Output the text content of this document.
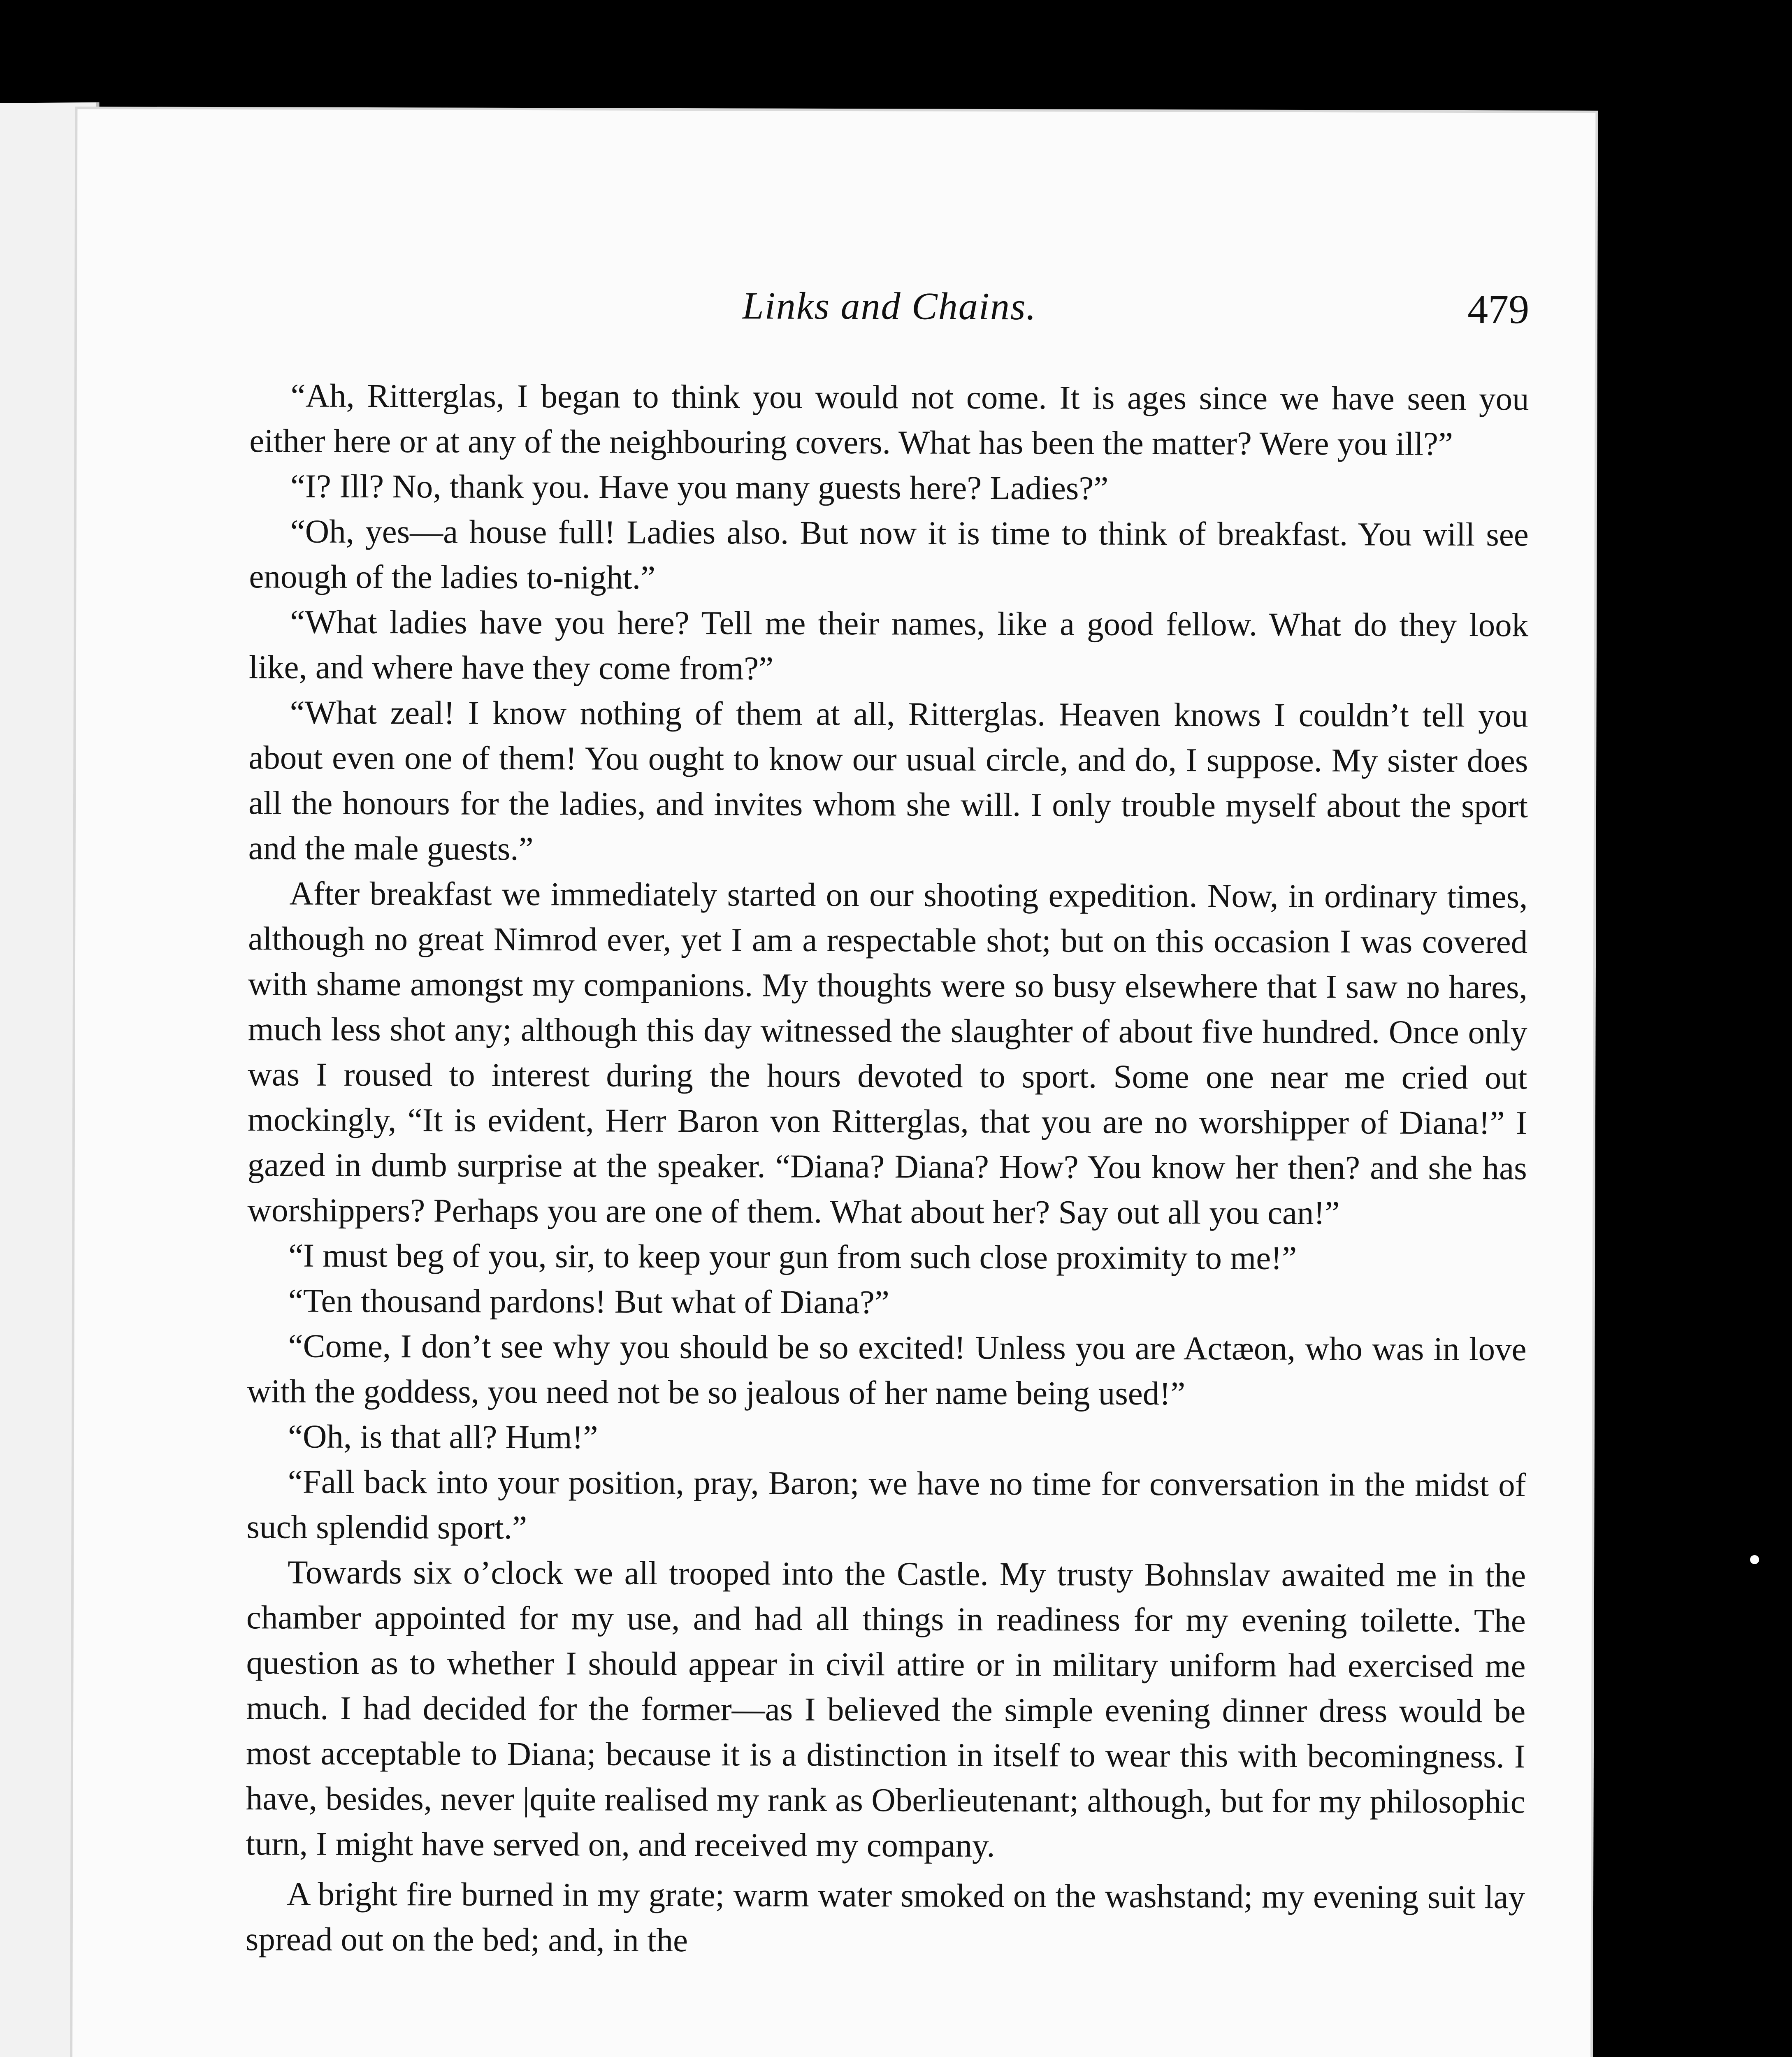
Links and Chains.	479

“Ah, Ritterglas, I began to think you would not come. It is ages since we have seen you either here or at any of the neighbouring covers. What has been the matter? Were you ill?”

“I? Ill? No, thank you. Have you many guests here? Ladies?”

“Oh, yes—a house full! Ladies also. But now it is time to think of breakfast. You will see enough of the ladies to-night.”

“What ladies have you here? Tell me their names, like a good fellow. What do they look like, and where have they come from?”

“What zeal! I know nothing of them at all, Ritterglas. Heaven knows I couldn’t tell you about even one of them! You ought to know our usual circle, and do, I suppose. My sister does all the honours for the ladies, and invites whom she will. I only trouble myself about the sport and the male guests.”

After breakfast we immediately started on our shooting expedition. Now, in ordinary times, although no great Nimrod ever, yet I am a respectable shot; but on this occasion I was covered with shame amongst my companions. My thoughts were so busy elsewhere that I saw no hares, much less shot any; although this day witnessed the slaughter of about five hundred. Once only was I roused to interest during the hours devoted to sport. Some one near me cried out mockingly, “It is evident, Herr Baron von Ritterglas, that you are no worshipper of Diana!” I gazed in dumb surprise at the speaker. “Diana? Diana? How? You know her then? and she has worshippers? Perhaps you are one of them. What about her? Say out all you can!”

“I must beg of you, sir, to keep your gun from such close proximity to me!”

“Ten thousand pardons! But what of Diana?”

“Come, I don’t see why you should be so excited! Unless you are Actæon, who was in love with the goddess, you need not be so jealous of her name being used!”

“Oh, is that all? Hum!”

“Fall back into your position, pray, Baron; we have no time for conversation in the midst of such splendid sport.”

Towards six o’clock we all trooped into the Castle. My trusty Bohnslav awaited me in the chamber appointed for my use, and had all things in readiness for my evening toilette. The question as to whether I should appear in civil attire or in military uniform had exercised me much. I had decided for the former—as I believed the simple evening dinner dress would be most acceptable to Diana; because it is a distinction in itself to wear this with becomingness. I have, besides, never |quite realised my rank as Oberlieutenant; although, but for my philosophic turn, I might have served on, and received my company.

A bright fire burned in my grate; warm water smoked on the washstand; my evening suit lay spread out on the bed; and, in the
